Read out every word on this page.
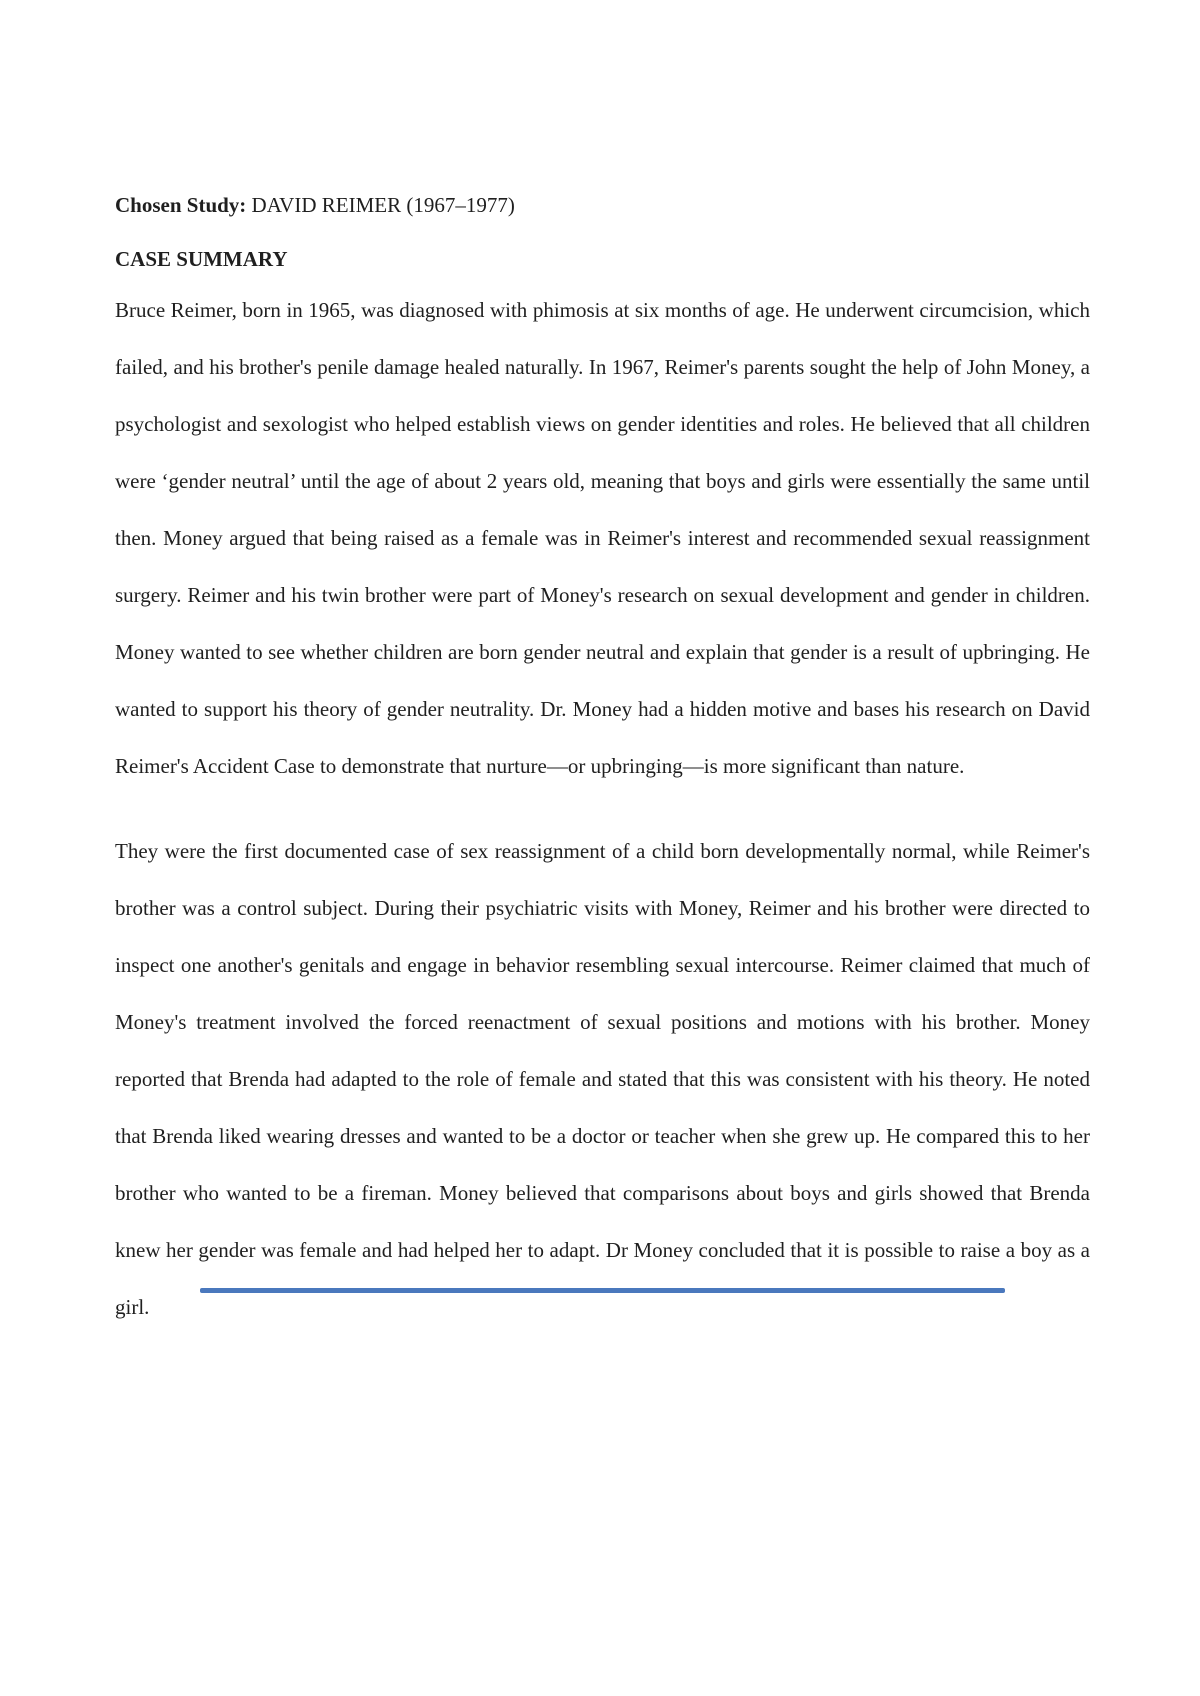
Chosen Study: DAVID REIMER (1967–1977)

CASE SUMMARY

Bruce Reimer, born in 1965, was diagnosed with phimosis at six months of age. He underwent circumcision, which failed, and his brother's penile damage healed naturally. In 1967, Reimer's parents sought the help of John Money, a psychologist and sexologist who helped establish views on gender identities and roles. He believed that all children were ‘gender neutral’ until the age of about 2 years old, meaning that boys and girls were essentially the same until then. Money argued that being raised as a female was in Reimer's interest and recommended sexual reassignment surgery. Reimer and his twin brother were part of Money's research on sexual development and gender in children. Money wanted to see whether children are born gender neutral and explain that gender is a result of upbringing. He wanted to support his theory of gender neutrality. Dr. Money had a hidden motive and bases his research on David Reimer's Accident Case to demonstrate that nurture—or upbringing—is more significant than nature.

They were the first documented case of sex reassignment of a child born developmentally normal, while Reimer's brother was a control subject. During their psychiatric visits with Money, Reimer and his brother were directed to inspect one another's genitals and engage in behavior resembling sexual intercourse. Reimer claimed that much of Money's treatment involved the forced reenactment of sexual positions and motions with his brother. Money reported that Brenda had adapted to the role of female and stated that this was consistent with his theory. He noted that Brenda liked wearing dresses and wanted to be a doctor or teacher when she grew up. He compared this to her brother who wanted to be a fireman. Money believed that comparisons about boys and girls showed that Brenda knew her gender was female and had helped her to adapt. Dr Money concluded that it is possible to raise a boy as a girl.
